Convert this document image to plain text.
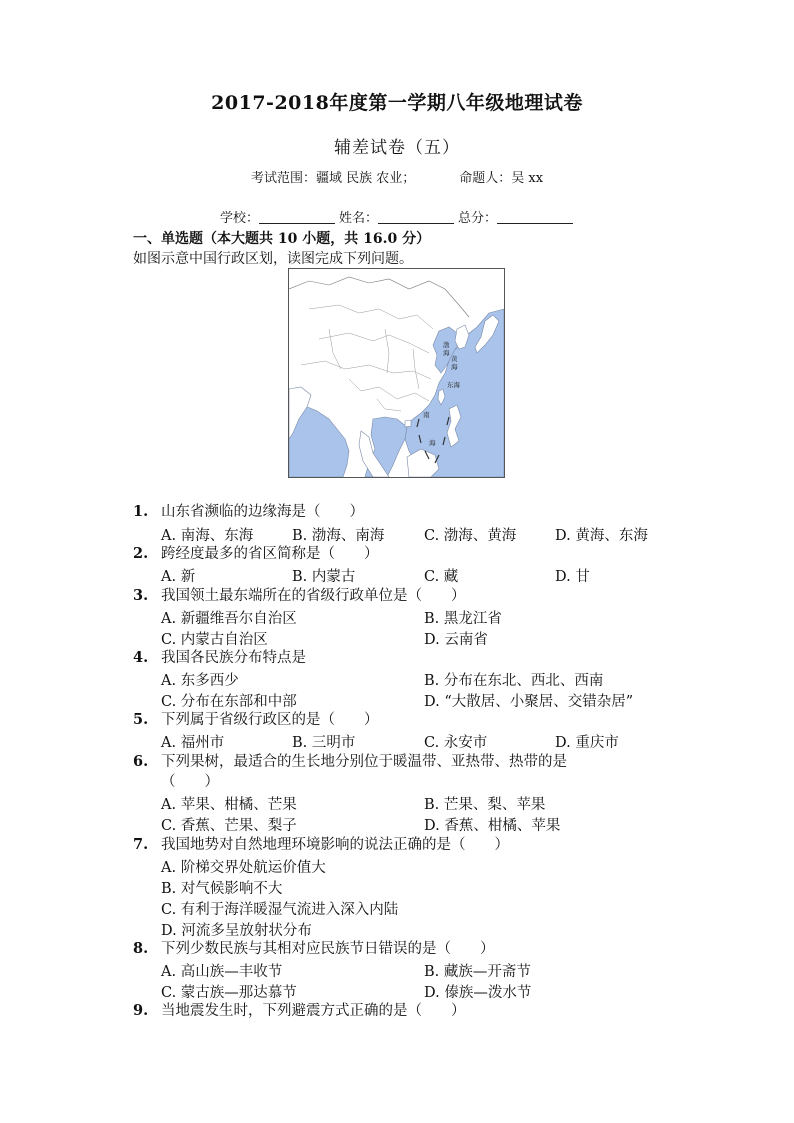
2017-2018年度第一学期八年级地理试卷
辅差试卷（五）
考试范围：疆域 民族 农业；	命题人：吴 xx
学校：	姓名：	总分：
一、单选题（本大题共 10 小题，共 16.0 分）
如图示意中国行政区划，读图完成下列问题。
渤
海
黄
海
东海
南
海
1. 山东省濒临的边缘海是（　　）
A. 南海、东海	B. 渤海、南海	C. 渤海、黄海	D. 黄海、东海
2. 跨经度最多的省区简称是（　　）
A. 新	B. 内蒙古	C. 藏	D. 甘
3. 我国领土最东端所在的省级行政单位是（　　）
A. 新疆维吾尔自治区	B. 黑龙江省
C. 内蒙古自治区	D. 云南省
4. 我国各民族分布特点是
A. 东多西少	B. 分布在东北、西北、西南
C. 分布在东部和中部	D. “大散居、小聚居、交错杂居”
5. 下列属于省级行政区的是（　　）
A. 福州市	B. 三明市	C. 永安市	D. 重庆市
6. 下列果树，最适合的生长地分别位于暖温带、亚热带、热带的是
（　　）
A. 苹果、柑橘、芒果	B. 芒果、梨、苹果
C. 香蕉、芒果、梨子	D. 香蕉、柑橘、苹果
7. 我国地势对自然地理环境影响的说法正确的是（　　）
A. 阶梯交界处航运价值大
B. 对气候影响不大
C. 有利于海洋暖湿气流进入深入内陆
D. 河流多呈放射状分布
8. 下列少数民族与其相对应民族节日错误的是（　　）
A. 高山族—丰收节	B. 藏族—开斋节
C. 蒙古族—那达慕节	D. 傣族—泼水节
9. 当地震发生时，下列避震方式正确的是（　　）
